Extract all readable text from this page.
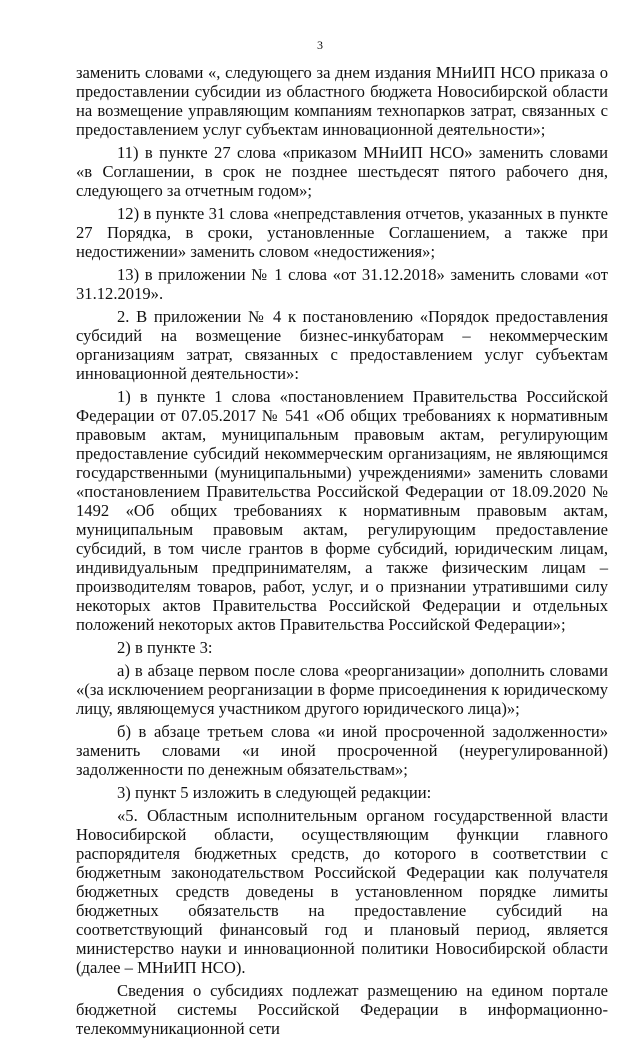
3

заменить словами «, следующего за днем издания МНиИП НСО приказа о предоставлении субсидии из областного бюджета Новосибирской области на возмещение управляющим компаниям технопарков затрат, связанных с предоставлением услуг субъектам инновационной деятельности»;

11) в пункте 27 слова «приказом МНиИП НСО» заменить словами «в Соглашении, в срок не позднее шестьдесят пятого рабочего дня, следующего за отчетным годом»;

12) в пункте 31 слова «непредставления отчетов, указанных в пункте 27 Порядка, в сроки, установленные Соглашением, а также при недостижении» заменить словом «недостижения»;

13) в приложении № 1 слова «от 31.12.2018» заменить словами «от 31.12.2019».

2. В приложении № 4 к постановлению «Порядок предоставления субсидий на возмещение бизнес-инкубаторам – некоммерческим организациям затрат, связанных с предоставлением услуг субъектам инновационной деятельности»:

1) в пункте 1 слова «постановлением Правительства Российской Федерации от 07.05.2017 № 541 «Об общих требованиях к нормативным правовым актам, муниципальным правовым актам, регулирующим предоставление субсидий некоммерческим организациям, не являющимся государственными (муниципальными) учреждениями» заменить словами «постановлением Правительства Российской Федерации от 18.09.2020 № 1492 «Об общих требованиях к нормативным правовым актам, муниципальным правовым актам, регулирующим предоставление субсидий, в том числе грантов в форме субсидий, юридическим лицам, индивидуальным предпринимателям, а также физическим лицам – производителям товаров, работ, услуг, и о признании утратившими силу некоторых актов Правительства Российской Федерации и отдельных положений некоторых актов Правительства Российской Федерации»;

2) в пункте 3:

а) в абзаце первом после слова «реорганизации» дополнить словами «(за исключением реорганизации в форме присоединения к юридическому лицу, являющемуся участником другого юридического лица)»;

б) в абзаце третьем слова «и иной просроченной задолженности» заменить словами «и иной просроченной (неурегулированной) задолженности по денежным обязательствам»;

3) пункт 5 изложить в следующей редакции:

«5. Областным исполнительным органом государственной власти Новосибирской области, осуществляющим функции главного распорядителя бюджетных средств, до которого в соответствии с бюджетным законодательством Российской Федерации как получателя бюджетных средств доведены в установленном порядке лимиты бюджетных обязательств на предоставление субсидий на соответствующий финансовый год и плановый период, является министерство науки и инновационной политики Новосибирской области (далее – МНиИП НСО).

Сведения о субсидиях подлежат размещению на едином портале бюджетной системы Российской Федерации в информационно-телекоммуникационной сети
